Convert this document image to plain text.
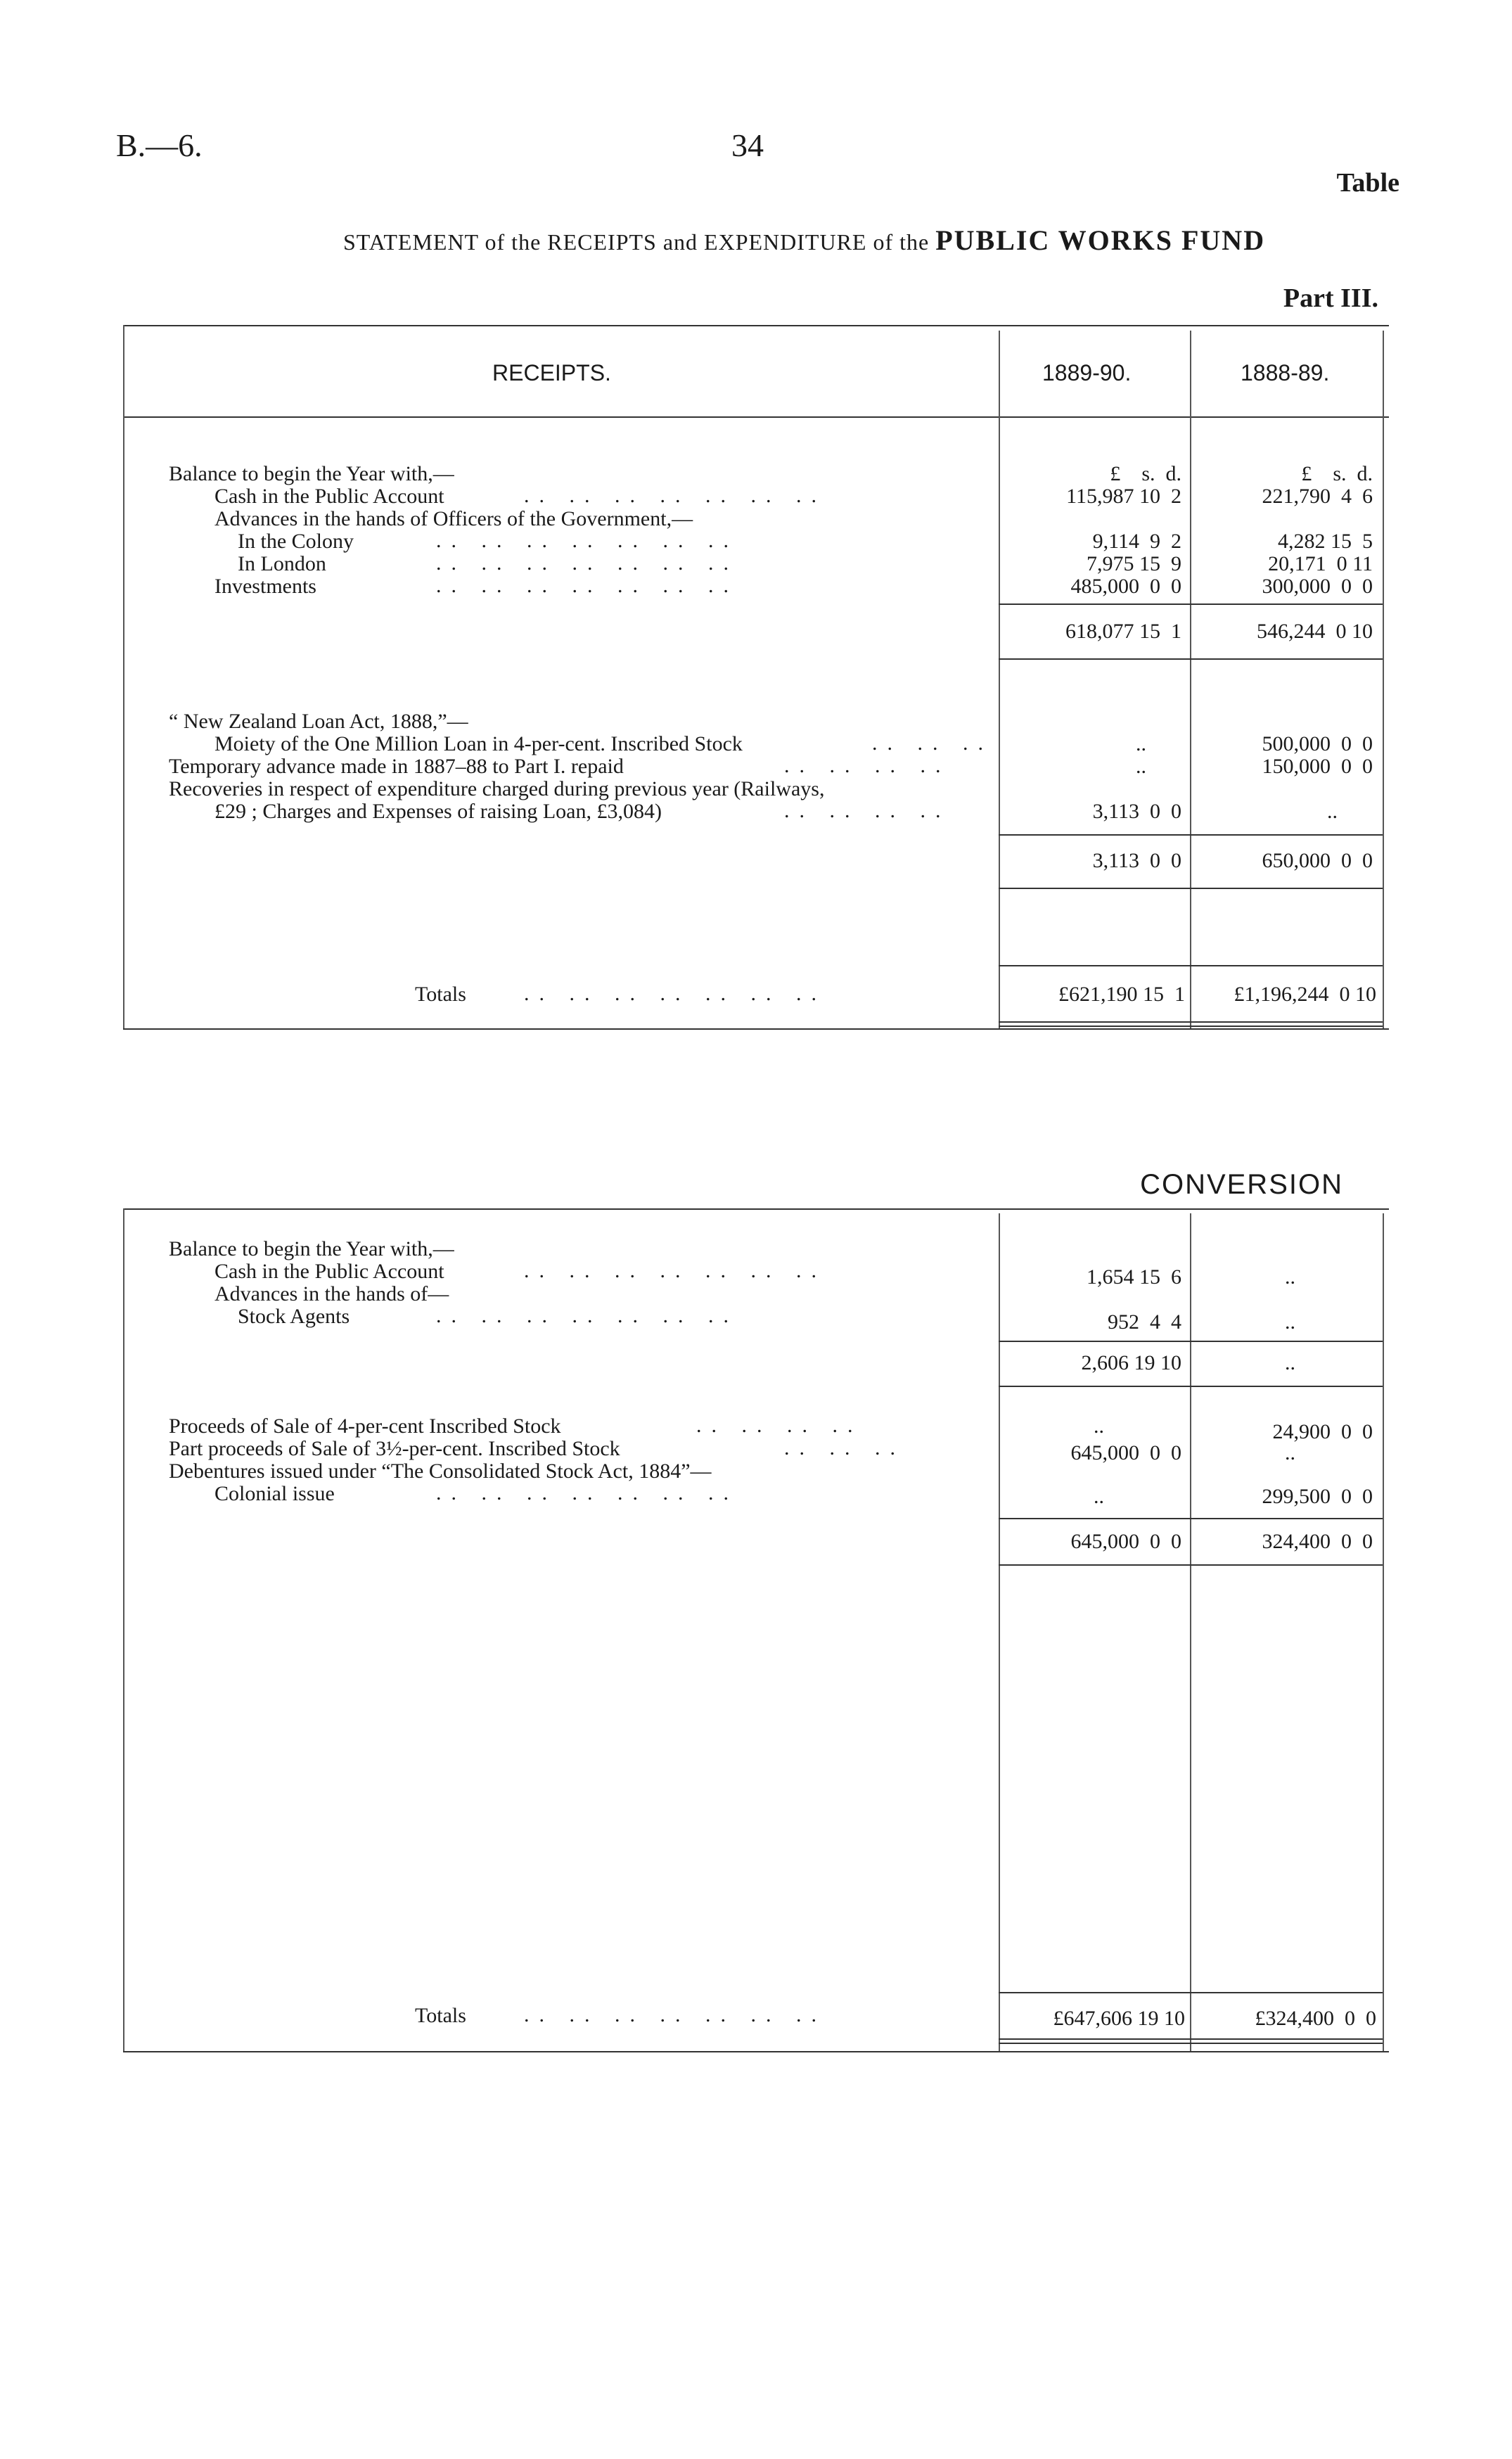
B.—6.	34
Table
STATEMENT of the RECEIPTS and EXPENDITURE of the PUBLIC WORKS FUND
Part III.
RECEIPTS.	1889-90.	1888-89.
£    s.  d.	£    s.  d.
Balance to begin the Year with,—
Cash in the Public Account	.. .. .. .. .. .. ..	115,987 10  2	221,790  4  6
Advances in the hands of Officers of the Government,—
In the Colony	.. .. .. .. .. .. ..	9,114  9  2	4,282 15  5
In London	.. .. .. .. .. .. ..	7,975 15  9	20,171  0 11
Investments	.. .. .. .. .. .. ..	485,000  0  0	300,000  0  0
618,077 15  1	546,244  0 10
“ New Zealand Loan Act, 1888,”—
Moiety of the One Million Loan in 4-per-cent. Inscribed Stock	.. .. ..	..	500,000  0  0
Temporary advance made in 1887–88 to Part I. repaid	.. .. .. ..	..	150,000  0  0
Recoveries in respect of expenditure charged during previous year (Railways,
£29 ; Charges and Expenses of raising Loan, £3,084)	.. .. .. ..	3,113  0  0	..
3,113  0  0	650,000  0  0
Totals	.. .. .. .. .. .. ..	£621,190 15  1	£1,196,244  0 10
CONVERSION
Balance to begin the Year with,—
Cash in the Public Account	.. .. .. .. .. .. ..	1,654 15  6	..
Advances in the hands of—
Stock Agents	.. .. .. .. .. .. ..	952  4  4	..
2,606 19 10	..
Proceeds of Sale of 4-per-cent Inscribed Stock	.. .. .. ..	..	24,900  0  0
Part proceeds of Sale of 3½-per-cent. Inscribed Stock	.. .. ..	645,000  0  0	..
Debentures issued under “The Consolidated Stock Act, 1884”—
Colonial issue	.. .. .. .. .. .. ..	..	299,500  0  0
645,000  0  0	324,400  0  0
Totals	.. .. .. .. .. .. ..	£647,606 19 10	£324,400  0  0
